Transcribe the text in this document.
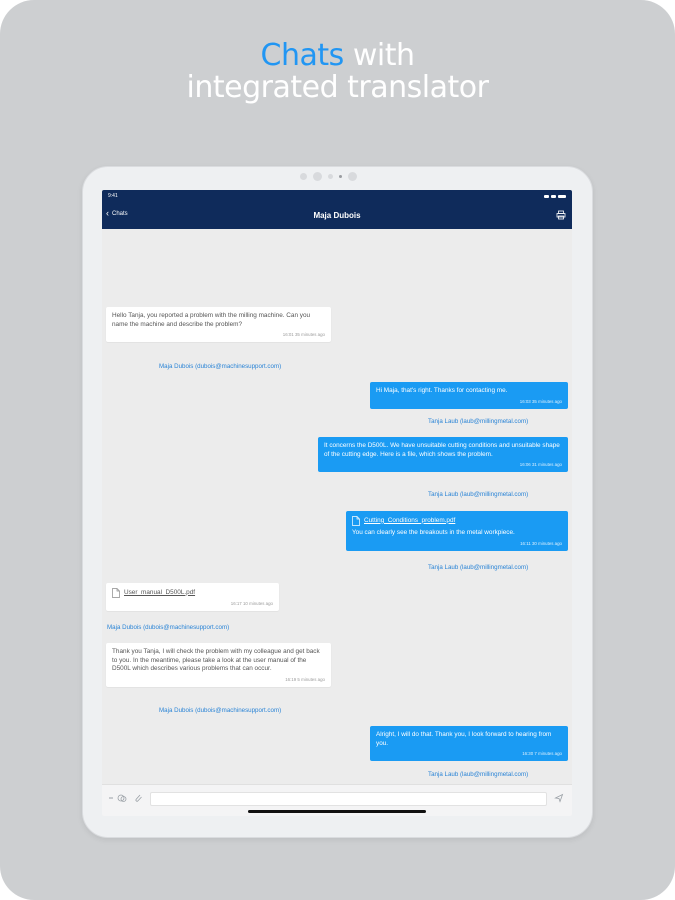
Chats with
integrated translator
9:41
‹ Chats	Maja Dubois
Hello Tanja, you reported a problem with the milling machine. Can you name the machine and describe the problem?
16:01 35 minutes ago
Maja Dubois (dubois@machinesupport.com)
Hi Maja, that's right. Thanks for contacting me.
16:03 35 minutes ago
Tanja Laub (laub@millingmetal.com)
It concerns the D500L. We have unsuitable cutting conditions and unsuitable shape of the cutting edge. Here is a file, which shows the problem.
16:06 31 minutes ago
Tanja Laub (laub@millingmetal.com)
Cutting_Conditions_problem.pdf
You can clearly see the breakouts in the metal workpiece.
16:11 30 minutes ago
Tanja Laub (laub@millingmetal.com)
User_manual_D500L.pdf
16:17 10 minutes ago
Maja Dubois (dubois@machinesupport.com)
Thank you Tanja, I will check the problem with my colleague and get back to you. In the meantime, please take a look at the user manual of the D500L which describes various problems that can occur.
16:19 5 minutes ago
Maja Dubois (dubois@machinesupport.com)
Alright, I will do that. Thank you, I look forward to hearing from you.
16:30 7 minutes ago
Tanja Laub (laub@millingmetal.com)
